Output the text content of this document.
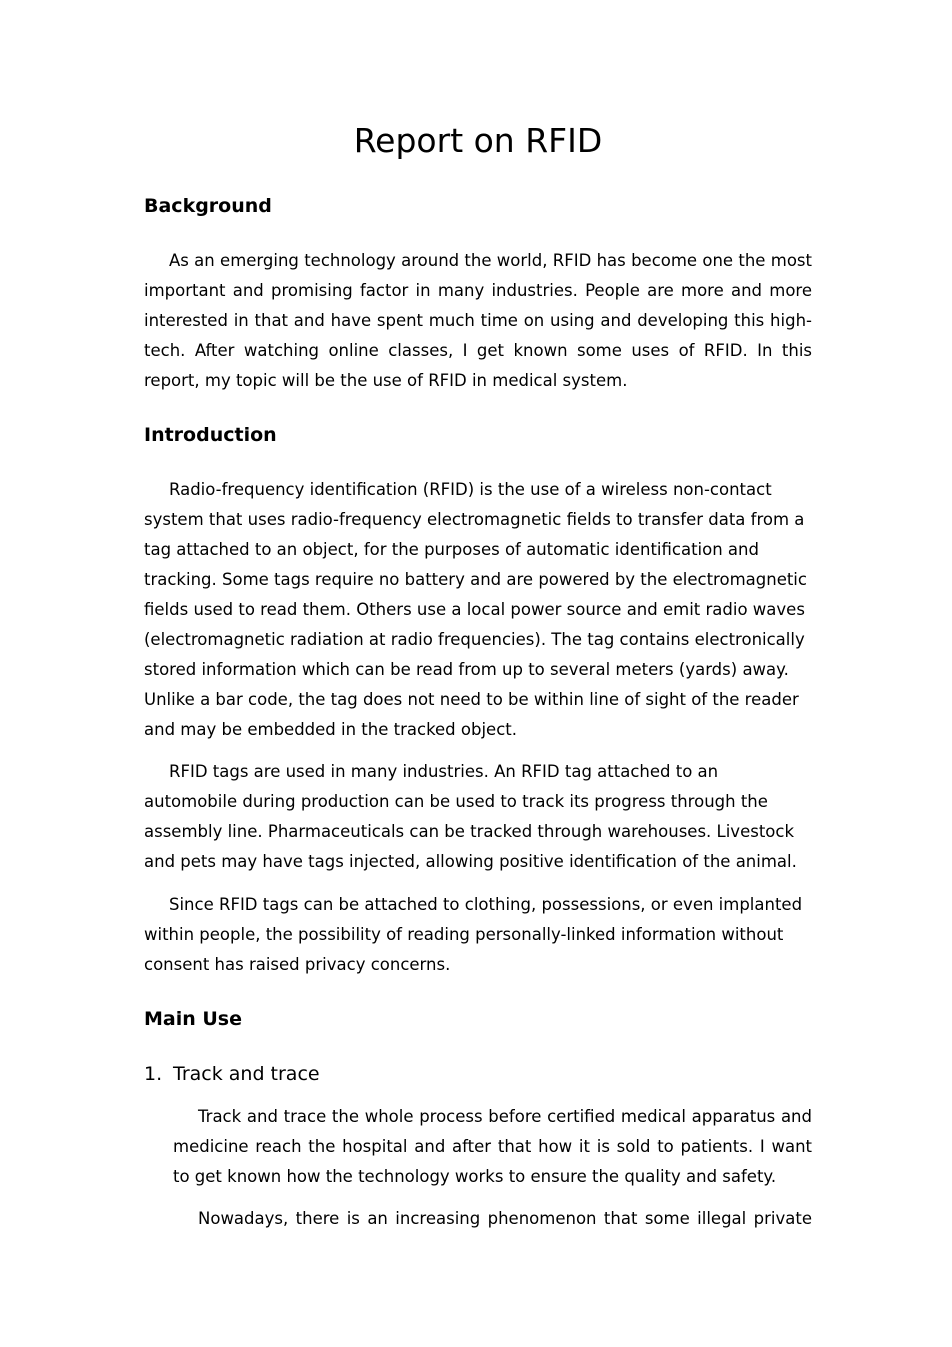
Report on RFID
Background

As an emerging technology around the world, RFID has become one the most important and promising factor in many industries. People are more and more interested in that and have spent much time on using and developing this high-tech. After watching online classes, I get known some uses of RFID. In this report, my topic will be the use of RFID in medical system.

Introduction

Radio-frequency identification (RFID) is the use of a wireless non-contact system that uses radio-frequency electromagnetic fields to transfer data from a tag attached to an object, for the purposes of automatic identification and tracking. Some tags require no battery and are powered by the electromagnetic fields used to read them. Others use a local power source and emit radio waves (electromagnetic radiation at radio frequencies). The tag contains electronically stored information which can be read from up to several meters (yards) away. Unlike a bar code, the tag does not need to be within line of sight of the reader and may be embedded in the tracked object.

RFID tags are used in many industries. An RFID tag attached to an automobile during production can be used to track its progress through the assembly line. Pharmaceuticals can be tracked through warehouses. Livestock and pets may have tags injected, allowing positive identification of the animal.

Since RFID tags can be attached to clothing, possessions, or even implanted within people, the possibility of reading personally-linked information without consent has raised privacy concerns.

Main Use
1. Track and trace

Track and trace the whole process before certified medical apparatus and medicine reach the hospital and after that how it is sold to patients. I want to get known how the technology works to ensure the quality and safety.

Nowadays, there is an increasing phenomenon that some illegal private
